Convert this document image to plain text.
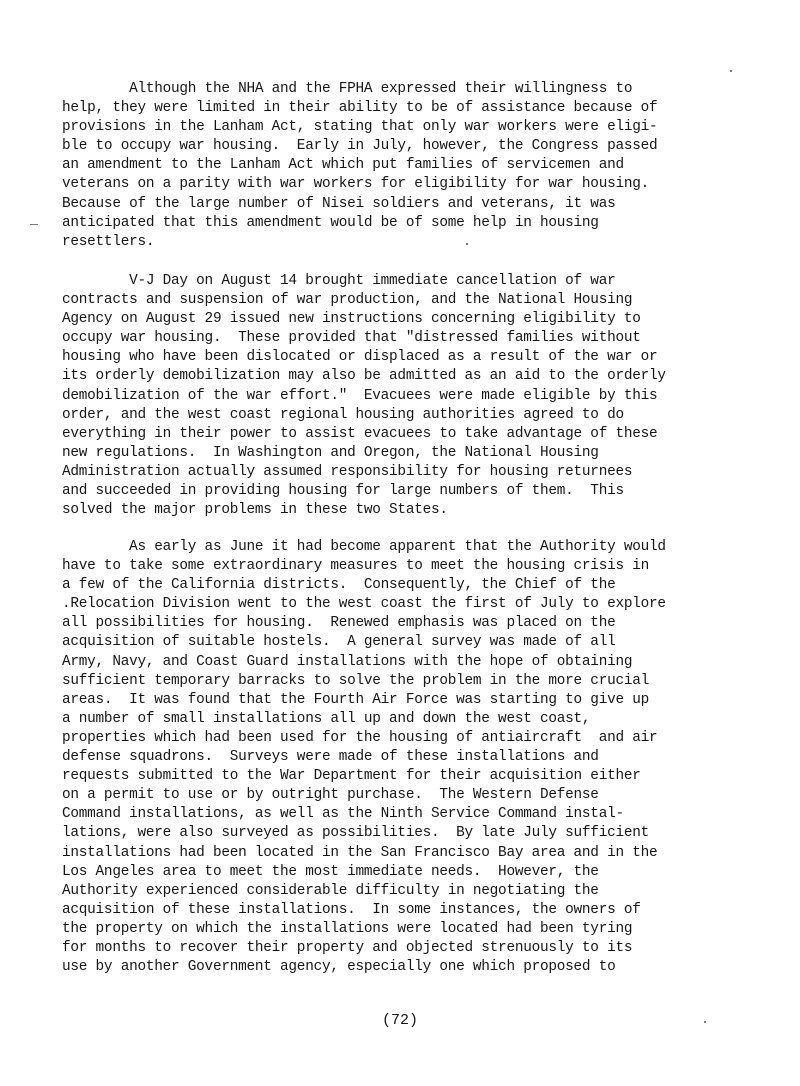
Although the NHA and the FPHA expressed their willingness to
help, they were limited in their ability to be of assistance because of
provisions in the Lanham Act, stating that only war workers were eligi-
ble to occupy war housing.  Early in July, however, the Congress passed
an amendment to the Lanham Act which put families of servicemen and
veterans on a parity with war workers for eligibility for war housing.
Because of the large number of Nisei soldiers and veterans, it was
anticipated that this amendment would be of some help in housing
resettlers.
V-J Day on August 14 brought immediate cancellation of war
contracts and suspension of war production, and the National Housing
Agency on August 29 issued new instructions concerning eligibility to
occupy war housing.  These provided that "distressed families without
housing who have been dislocated or displaced as a result of the war or
its orderly demobilization may also be admitted as an aid to the orderly
demobilization of the war effort."  Evacuees were made eligible by this
order, and the west coast regional housing authorities agreed to do
everything in their power to assist evacuees to take advantage of these
new regulations.  In Washington and Oregon, the National Housing
Administration actually assumed responsibility for housing returnees
and succeeded in providing housing for large numbers of them.  This
solved the major problems in these two States.
As early as June it had become apparent that the Authority would
have to take some extraordinary measures to meet the housing crisis in
a few of the California districts.  Consequently, the Chief of the
.Relocation Division went to the west coast the first of July to explore
all possibilities for housing.  Renewed emphasis was placed on the
acquisition of suitable hostels.  A general survey was made of all
Army, Navy, and Coast Guard installations with the hope of obtaining
sufficient temporary barracks to solve the problem in the more crucial
areas.  It was found that the Fourth Air Force was starting to give up
a number of small installations all up and down the west coast,
properties which had been used for the housing of antiaircraft  and air
defense squadrons.  Surveys were made of these installations and
requests submitted to the War Department for their acquisition either
on a permit to use or by outright purchase.  The Western Defense
Command installations, as well as the Ninth Service Command instal-
lations, were also surveyed as possibilities.  By late July sufficient
installations had been located in the San Francisco Bay area and in the
Los Angeles area to meet the most immediate needs.  However, the
Authority experienced considerable difficulty in negotiating the
acquisition of these installations.  In some instances, the owners of
the property on which the installations were located had been tyring
for months to recover their property and objected strenuously to its
use by another Government agency, especially one which proposed to
(72)
